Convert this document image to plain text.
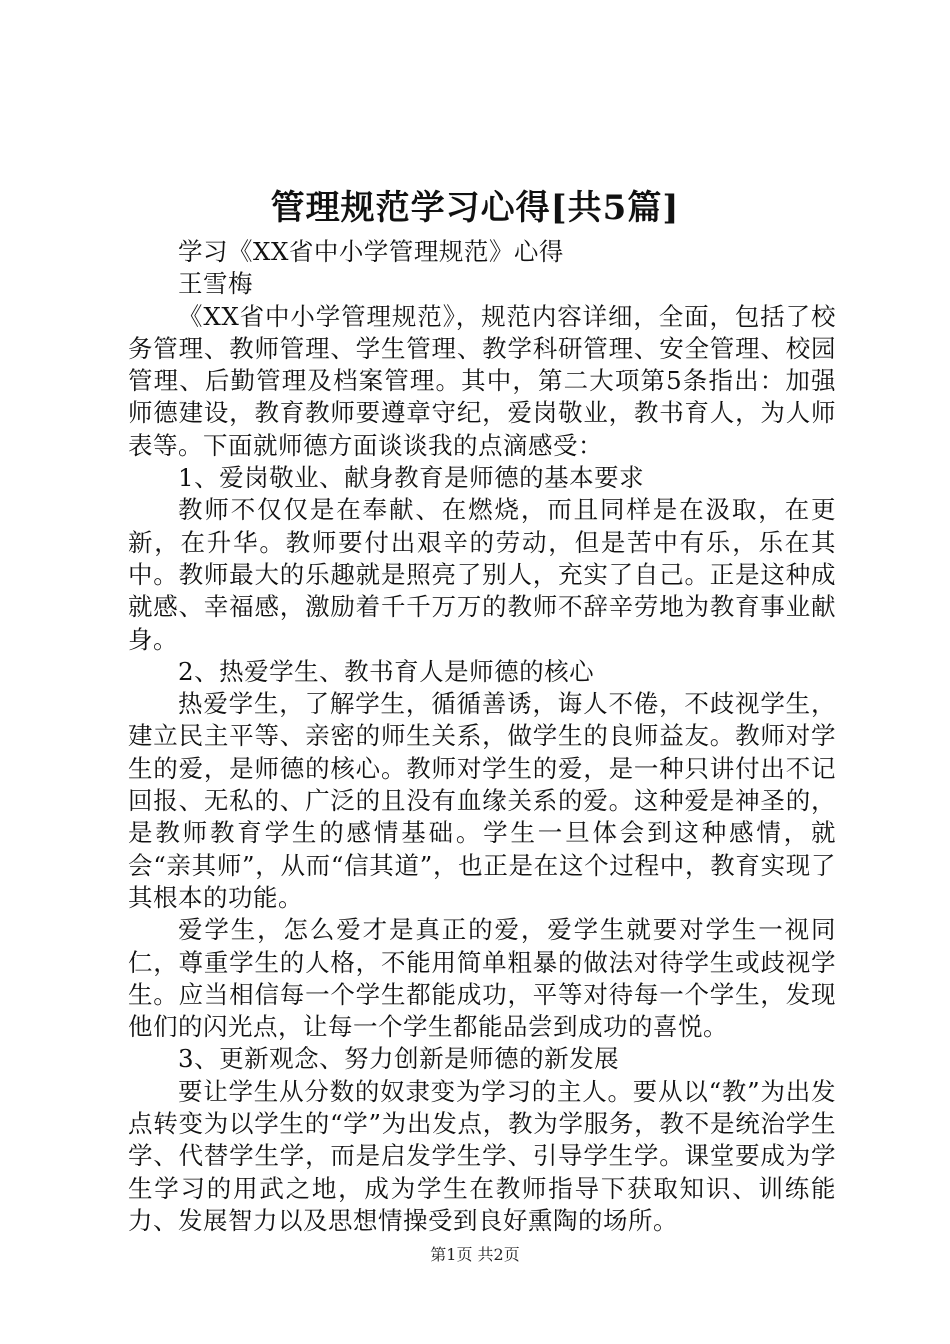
管理规范学习心得[共5篇]

学习《XX省中小学管理规范》心得

王雪梅

《XX省中小学管理规范》，规范内容详细，全面，包括了校务管理、教师管理、学生管理、教学科研管理、安全管理、校园管理、后勤管理及档案管理。其中，第二大项第5条指出：加强师德建设，教育教师要遵章守纪，爱岗敬业，教书育人，为人师表等。下面就师德方面谈谈我的点滴感受：

1、爱岗敬业、献身教育是师德的基本要求

教师不仅仅是在奉献、在燃烧，而且同样是在汲取，在更新，在升华。教师要付出艰辛的劳动，但是苦中有乐，乐在其中。教师最大的乐趣就是照亮了别人，充实了自己。正是这种成就感、幸福感，激励着千千万万的教师不辞辛劳地为教育事业献身。

2、热爱学生、教书育人是师德的核心

热爱学生，了解学生，循循善诱，诲人不倦，不歧视学生，建立民主平等、亲密的师生关系，做学生的良师益友。教师对学生的爱，是师德的核心。教师对学生的爱，是一种只讲付出不记回报、无私的、广泛的且没有血缘关系的爱。这种爱是神圣的，是教师教育学生的感情基础。学生一旦体会到这种感情，就会“亲其师”，从而“信其道”，也正是在这个过程中，教育实现了其根本的功能。

爱学生，怎么爱才是真正的爱，爱学生就要对学生一视同仁，尊重学生的人格，不能用简单粗暴的做法对待学生或歧视学生。应当相信每一个学生都能成功，平等对待每一个学生，发现他们的闪光点，让每一个学生都能品尝到成功的喜悦。

3、更新观念、努力创新是师德的新发展

要让学生从分数的奴隶变为学习的主人。要从以“教”为出发点转变为以学生的“学”为出发点，教为学服务，教不是统治学生学、代替学生学，而是启发学生学、引导学生学。课堂要成为学生学习的用武之地，成为学生在教师指导下获取知识、训练能力、发展智力以及思想情操受到良好熏陶的场所。

第1页 共2页
